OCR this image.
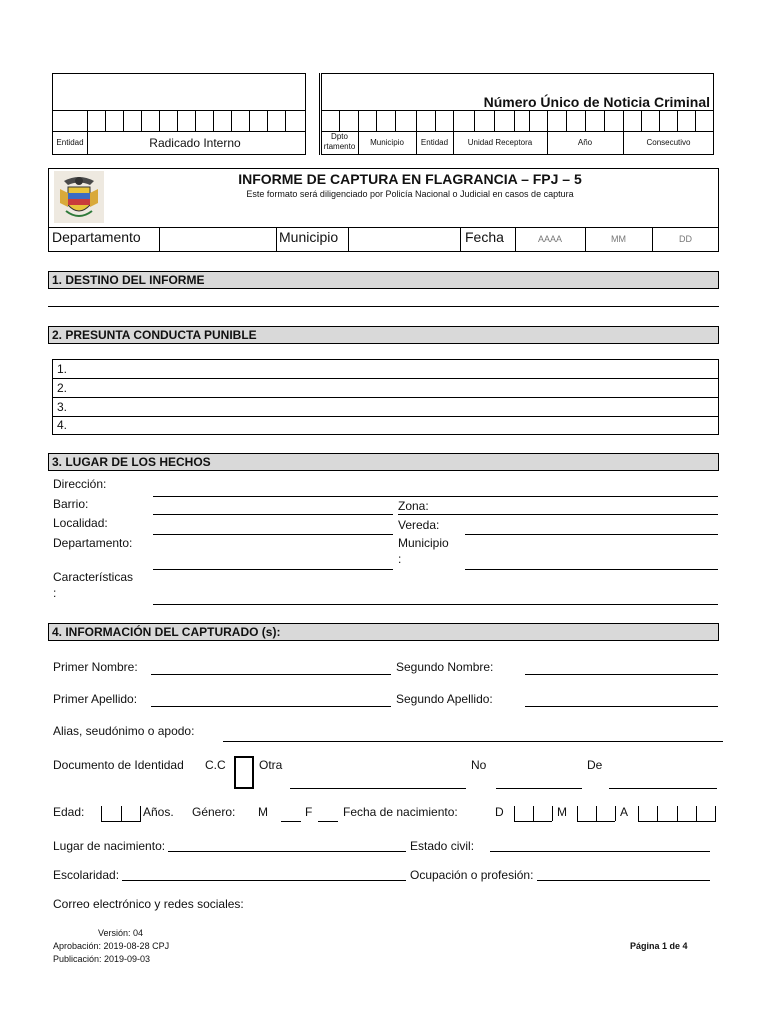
Entidad	Radicado Interno
Número Único de Noticia Criminal
Dpto
rtamento	Municipio	Entidad	Unidad Receptora	Año	Consecutivo
INFORME DE CAPTURA EN FLAGRANCIA – FPJ – 5
Este formato será diligenciado por Policía Nacional o Judicial en casos de captura
Departamento	Municipio	Fecha	AAAA	MM	DD
1. DESTINO DEL INFORME
2. PRESUNTA CONDUCTA PUNIBLE
1.
2.
3.
4.
3. LUGAR DE LOS HECHOS
Dirección:
Barrio:	Zona:
Localidad:	Vereda:
Departamento:	Municipio
:
Características
:
4. INFORMACIÓN DEL CAPTURADO (s):
Primer Nombre:	Segundo Nombre:
Primer Apellido:	Segundo Apellido:
Alias, seudónimo o apodo:
Documento de Identidad C.C	Otra	No	De
Edad:	Años. Género: M	F	Fecha de nacimiento:	D	M	A
Lugar de nacimiento:	Estado civil:
Escolaridad:	Ocupación o profesión:
Correo electrónico y redes sociales:
Versión: 04
Aprobación: 2019-08-28 CPJ
Publicación: 2019-09-03
Página 1 de 4
